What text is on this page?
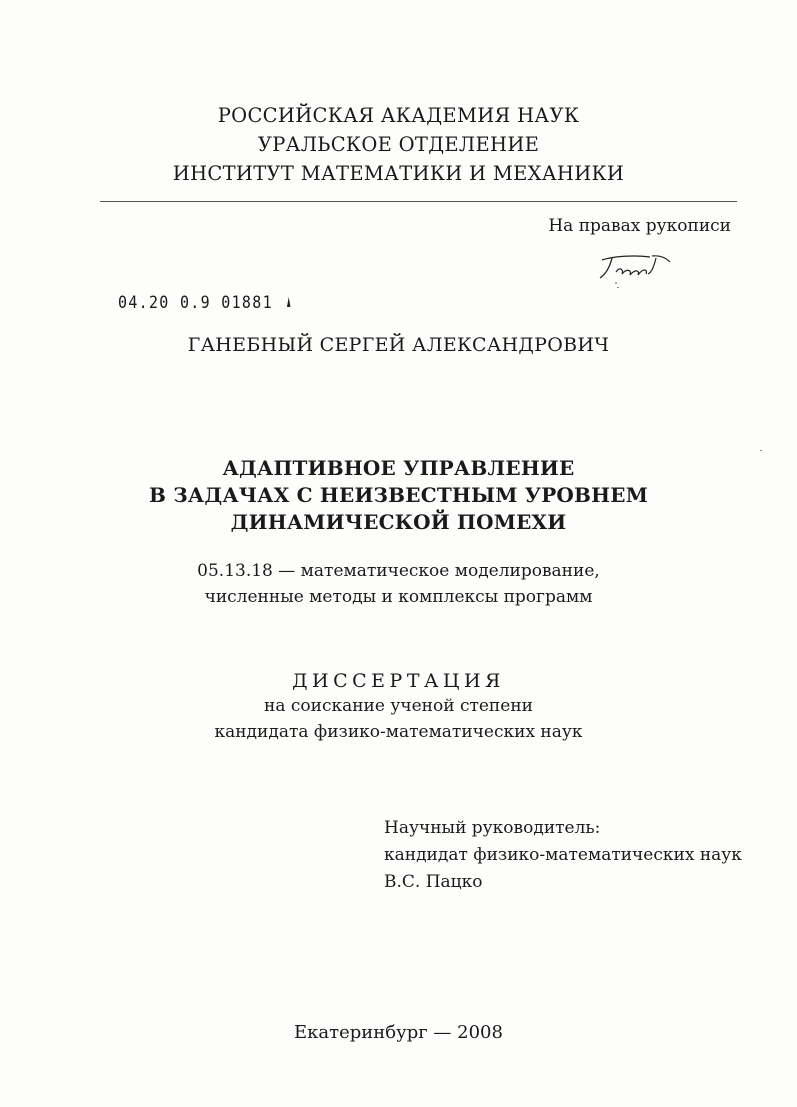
РОССИЙСКАЯ АКАДЕМИЯ НАУК
УРАЛЬСКОЕ ОТДЕЛЕНИЕ
ИНСТИТУТ МАТЕМАТИКИ И МЕХАНИКИ
На правах рукописи
04.20 0.9 01881
ГАНЕБНЫЙ СЕРГЕЙ АЛЕКСАНДРОВИЧ
АДАПТИВНОЕ УПРАВЛЕНИЕ
В ЗАДАЧАХ С НЕИЗВЕСТНЫМ УРОВНЕМ
ДИНАМИЧЕСКОЙ ПОМЕХИ
05.13.18 — математическое моделирование,
численные методы и комплексы программ
ДИССЕРТАЦИЯ
на соискание ученой степени
кандидата физико-математических наук
Научный руководитель:
кандидат физико-математических наук
В.С. Пацко
Екатеринбург — 2008
